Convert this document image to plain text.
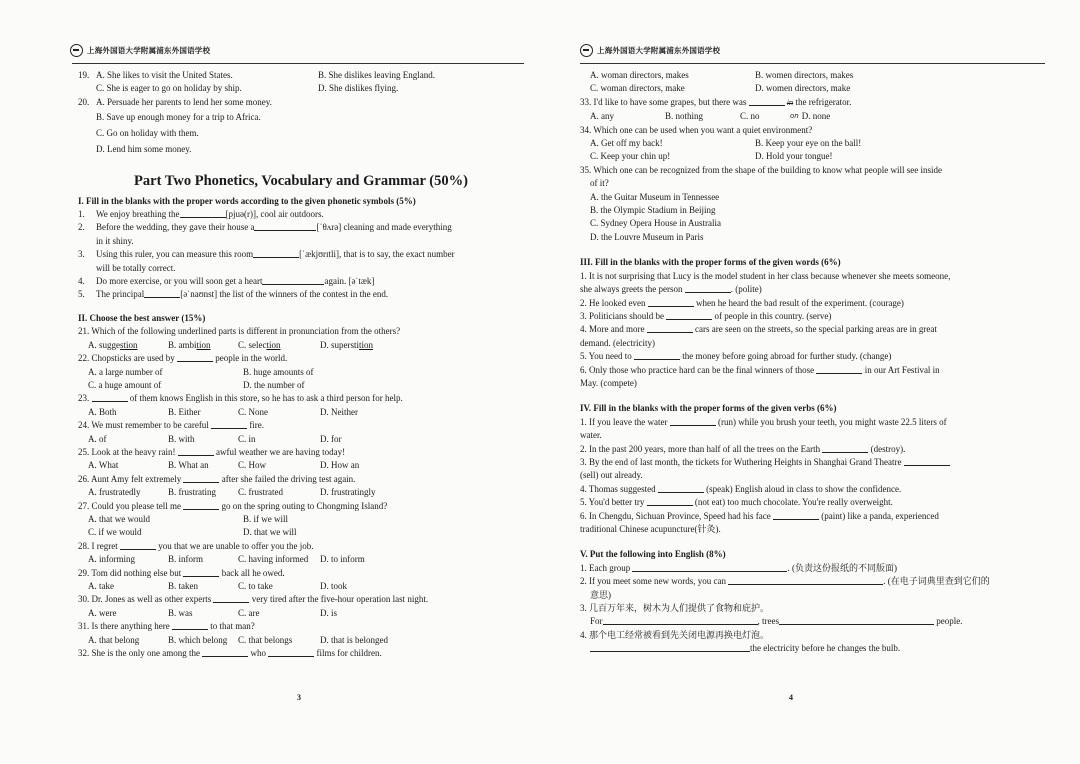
上海外国语大学附属浦东外国语学校
19. A. She likes to visit the United States.	B. She dislikes leaving England.
C. She is eager to go on holiday by ship.	D. She dislikes flying.
20. A. Persuade her parents to lend her some money.
B. Save up enough money for a trip to Africa.
C. Go on holiday with them.
D. Lend him some money.
Part Two Phonetics, Vocabulary and Grammar (50%)
I. Fill in the blanks with the proper words according to the given phonetic symbols (5%)
1.	We enjoy breathing the	[pjuə(r)], cool air outdoors.
2.	Before the wedding, they gave their house a	[ˈθʌrə] cleaning and made everything
in it shiny.
3.	Using this ruler, you can measure this room	[ˈækjʊrɪtli], that is to say, the exact number
will be totally correct.
4.	Do more exercise, or you will soon get a heart	again. [əˈtæk]
5.	The principal	[əˈnaʊnst] the list of the winners of the contest in the end.
II. Choose the best answer (15%)
21. Which of the following underlined parts is different in pronunciation from the others?
A. suggestion	B. ambition	C. selection	D. superstition
22. Chopsticks are used by	people in the world.
A. a large number of	B. huge amounts of
C. a huge amount of	D. the number of
23.	of them knows English in this store, so he has to ask a third person for help.
A. Both	B. Either	C. None	D. Neither
24. We must remember to be careful	fire.
A. of	B. with	C. in	D. for
25. Look at the heavy rain!	awful weather we are having today!
A. What	B. What an	C. How	D. How an
26. Aunt Amy felt extremely	after she failed the driving test again.
A. frustratedly	B. frustrating	C. frustrated	D. frustratingly
27. Could you please tell me	go on the spring outing to Chongming Island?
A. that we would	B. if we will
C. if we would	D. that we will
28. I regret	you that we are unable to offer you the job.
A. informing	B. inform	C. having informed	D. to inform
29. Tom did nothing else but	back all he owed.
A. take	B. taken	C. to take	D. took
30. Dr. Jones as well as other experts	very tired after the five-hour operation last night.
A. were	B. was	C. are	D. is
31. Is there anything here	to that man?
A. that belong	B. which belong	C. that belongs	D. that is belonged
32. She is the only one among the	who	films for children.
3
上海外国语大学附属浦东外国语学校
A. woman directors, makes	B. women directors, makes
C. woman directors, make	D. women directors, make
33. I'd like to have some grapes, but there was	in the refrigerator.
A. any	B. nothing	C. no	on D. none
34. Which one can be used when you want a quiet environment?
A. Get off my back!	B. Keep your eye on the ball!
C. Keep your chin up!	D. Hold your tongue!
35. Which one can be recognized from the shape of the building to know what people will see inside
of it?
A. the Guitar Museum in Tennessee
B. the Olympic Stadium in Beijing
C. Sydney Opera House in Australia
D. the Louvre Museum in Paris
III. Fill in the blanks with the proper forms of the given words (6%)
1. It is not surprising that Lucy is the model student in her class because whenever she meets someone,
she always greets the person	. (polite)
2. He looked even	when he heard the bad result of the experiment. (courage)
3. Politicians should be	of people in this country. (serve)
4. More and more	cars are seen on the streets, so the special parking areas are in great
demand. (electricity)
5. You need to	the money before going abroad for further study. (change)
6. Only those who practice hard can be the final winners of those	in our Art Festival in
May. (compete)
IV. Fill in the blanks with the proper forms of the given verbs (6%)
1. If you leave the water	(run) while you brush your teeth, you might waste 22.5 liters of
water.
2. In the past 200 years, more than half of all the trees on the Earth	(destroy).
3. By the end of last month, the tickets for Wuthering Heights in Shanghai Grand Theatre
(sell) out already.
4. Thomas suggested	(speak) English aloud in class to show the confidence.
5. You'd better try	(not eat) too much chocolate. You're really overweight.
6. In Chengdu, Sichuan Province, Speed had his face	(paint) like a panda, experienced
traditional Chinese acupuncture(针灸).
V. Put the following into English (8%)
1. Each group	. (负责这份报纸的不同版面)
2. If you meet some new words, you can	. (在电子词典里查到它们的
意思)
3. 几百万年来，树木为人们提供了食物和庇护。
For	, trees	people.
4. 那个电工经常被看到先关闭电源再换电灯泡。
the electricity before he changes the bulb.
4
